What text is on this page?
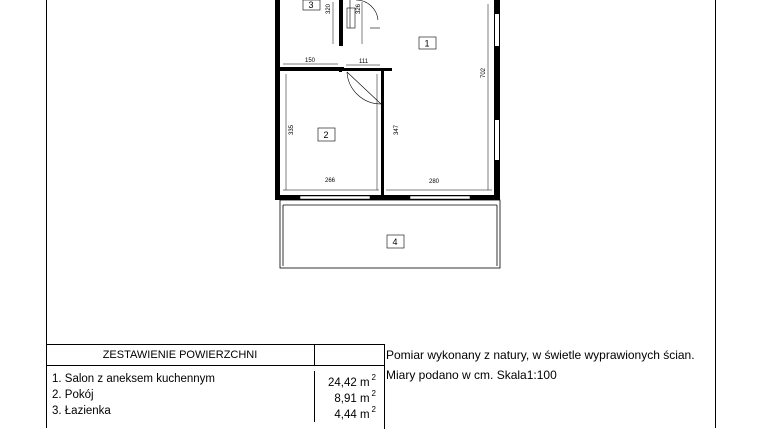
320	326
150	111
702
335	347
266	280
3
1
2
4
ZESTAWIENIE POWIERZCHNI
1. Salon z aneksem kuchennym	24,42 m $^2$
2. Pokój	8,91 m $^2$
3. Łazienka	4,44 m $^2$
Pomiar wykonany z natury, w świetle wyprawionych ścian.
Miary podano w cm. Skala1:100
